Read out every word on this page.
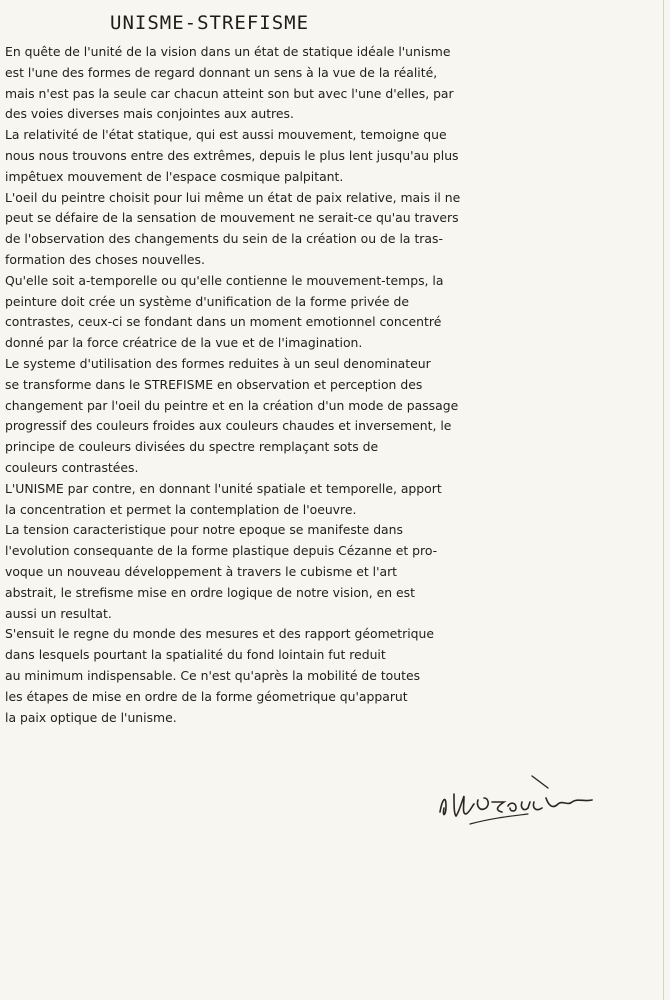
UNISME-STREFISME
En quête de l'unité de la vision dans un état de statique idéale l'unisme
est l'une des formes de regard donnant un sens à la vue de la réalité,
mais n'est pas la seule car chacun atteint son but avec l'une d'elles, par
des voies diverses mais conjointes aux autres.
La relativité de l'état statique, qui est aussi mouvement, temoigne que
nous nous trouvons entre des extrêmes, depuis le plus lent jusqu'au plus
impêtuex mouvement de l'espace cosmique palpitant.
L'oeil du peintre choisit pour lui même un état de paix relative, mais il ne
peut se défaire de la sensation de mouvement ne serait-ce qu'au travers
de l'observation des changements du sein de la création ou de la tras-
formation des choses nouvelles.
Qu'elle soit a-temporelle ou qu'elle contienne le mouvement-temps, la
peinture doit crée un système d'unification de la forme privée de
contrastes, ceux-ci se fondant dans un moment emotionnel concentré
donné par la force créatrice de la vue et de l'imagination.
Le systeme d'utilisation des formes reduites à un seul denominateur
se transforme dans le STREFISME en observation et perception des
changement par l'oeil du peintre et en la création d'un mode de passage
progressif des couleurs froides aux couleurs chaudes et inversement, le
principe de couleurs divisées du spectre remplaçant sots de
couleurs contrastées.
L'UNISME par contre, en donnant l'unité spatiale et temporelle, apport
la concentration et permet la contemplation de l'oeuvre.
La tension caracteristique pour notre epoque se manifeste dans
l'evolution consequante de la forme plastique depuis Cézanne et pro-
voque un nouveau développement à travers le cubisme et l'art
abstrait, le strefisme mise en ordre logique de notre vision, en est
aussi un resultat.
S'ensuit le regne du monde des mesures et des rapport géometrique
dans lesquels pourtant la spatialité du fond lointain fut reduit
au minimum indispensable. Ce n'est qu'après la mobilité de toutes
les étapes de mise en ordre de la forme géometrique qu'apparut
la paix optique de l'unisme.
